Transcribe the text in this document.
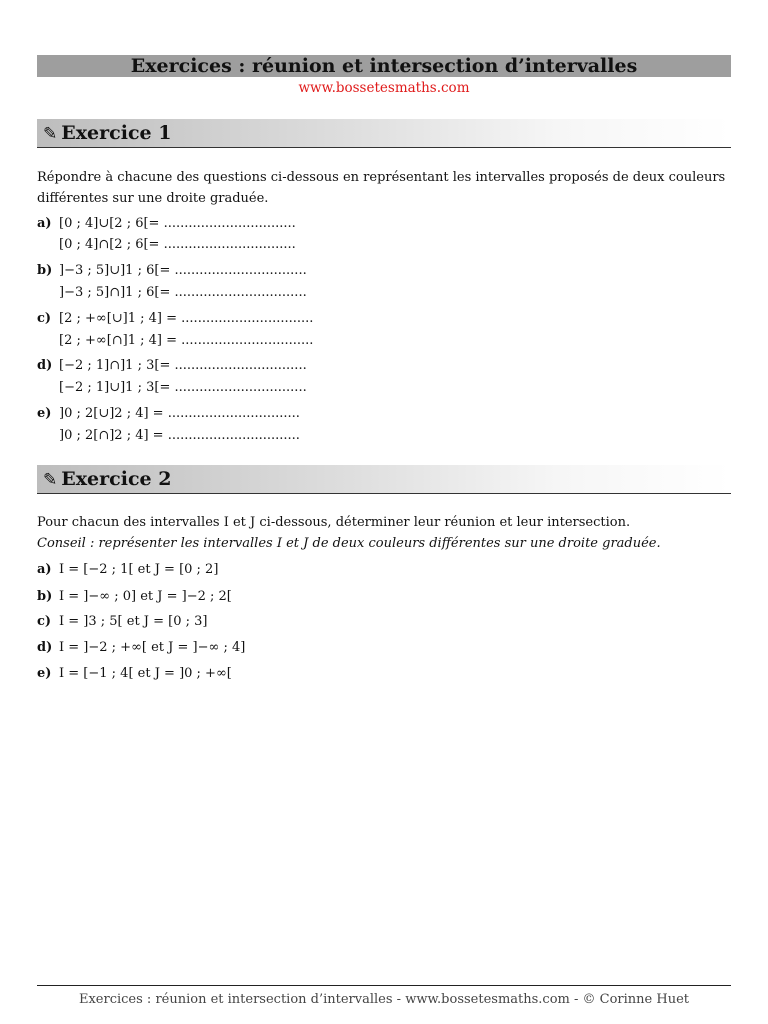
Exercices : réunion et intersection d’intervalles
www.bossetesmaths.com
✎ Exercice 1
Répondre à chacune des questions ci-dessous en représentant les intervalles proposés de deux couleurs
différentes sur une droite graduée.
a) [0 ; 4]∪[2 ; 6[= ................................
[0 ; 4]∩[2 ; 6[= ................................
b) ]−3 ; 5]∪]1 ; 6[= ................................
]−3 ; 5]∩]1 ; 6[= ................................
c) [2 ; +∞[∪]1 ; 4] = ................................
[2 ; +∞[∩]1 ; 4] = ................................
d) [−2 ; 1]∩]1 ; 3[= ................................
[−2 ; 1]∪]1 ; 3[= ................................
e) ]0 ; 2[∪]2 ; 4] = ................................
]0 ; 2[∩]2 ; 4] = ................................
✎ Exercice 2
Pour chacun des intervalles I et J ci-dessous, déterminer leur réunion et leur intersection.
Conseil : représenter les intervalles I et J de deux couleurs différentes sur une droite graduée.
a) I = [−2 ; 1[ et J = [0 ; 2]
b) I = ]−∞ ; 0] et J = ]−2 ; 2[
c) I = ]3 ; 5[ et J = [0 ; 3]
d) I = ]−2 ; +∞[ et J = ]−∞ ; 4]
e) I = [−1 ; 4[ et J = ]0 ; +∞[
Exercices : réunion et intersection d’intervalles - www.bossetesmaths.com - © Corinne Huet
